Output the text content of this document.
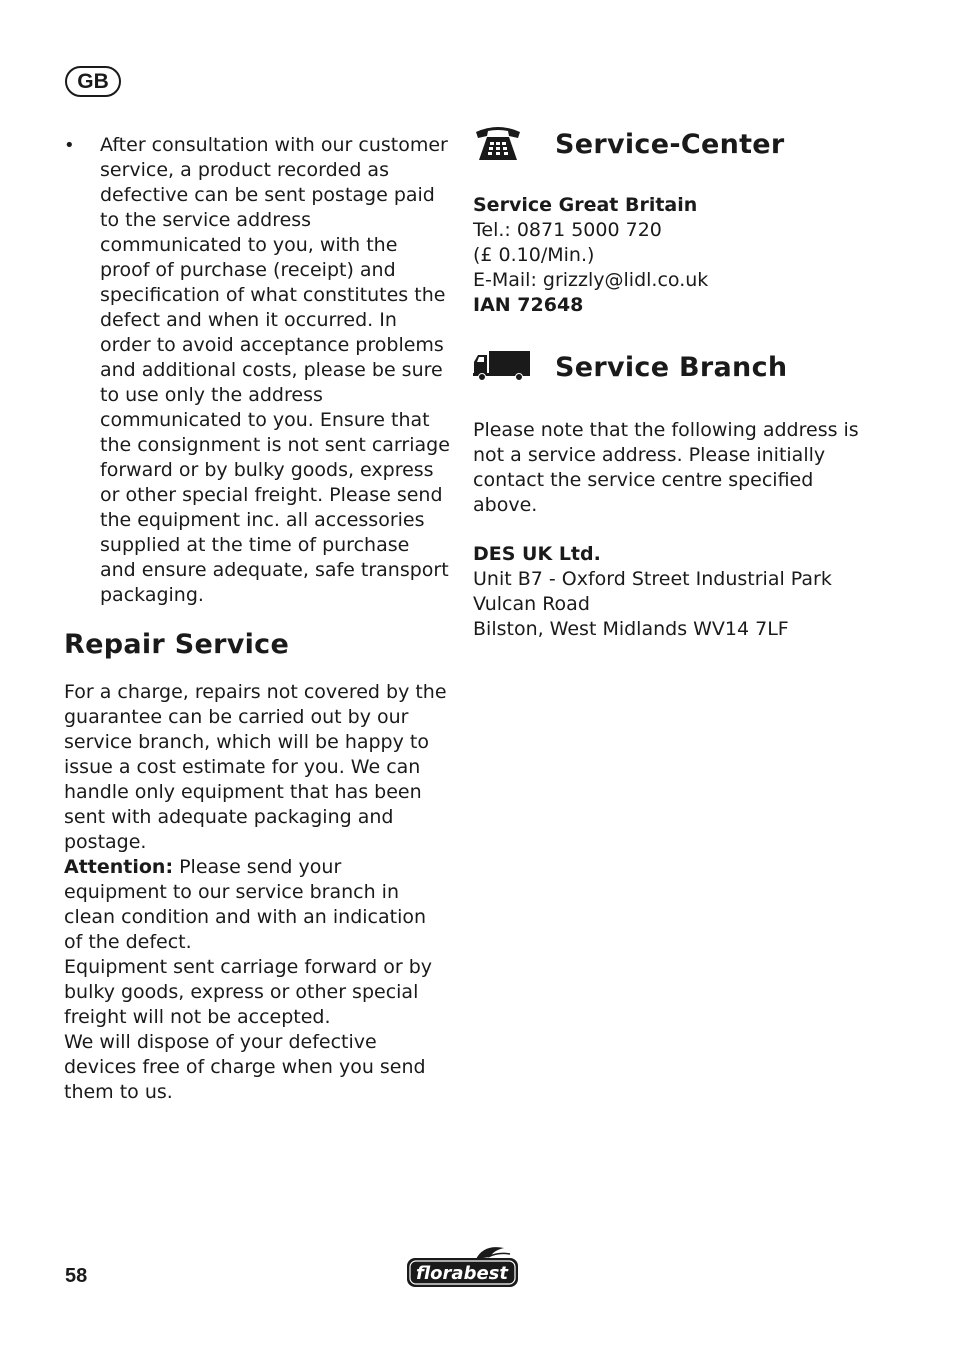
GB
•	After consultation with our customer service, a product recorded as defective can be sent postage paid to the service address communicated to you, with the proof of purchase (receipt) and specification of what constitutes the defect and when it occurred. In order to avoid acceptance problems and additional costs, please be sure to use only the address communicated to you. Ensure that the consignment is not sent carriage forward or by bulky goods, express or other special freight. Please send the equipment inc. all accessories supplied at the time of purchase and ensure adequate, safe transport packaging.
Repair Service
For a charge, repairs not covered by the guarantee can be carried out by our service branch, which will be happy to issue a cost estimate for you. We can handle only equipment that has been sent with adequate packaging and postage.
Attention: Please send your equipment to our service branch in clean condition and with an indication of the defect.
Equipment sent carriage forward or by bulky goods, express or other special freight will not be accepted.
We will dispose of your defective devices free of charge when you send them to us.
Service-Center
Service Great Britain
Tel.: 0871 5000 720
(£ 0.10/Min.)
E-Mail: grizzly@lidl.co.uk
IAN 72648
Service Branch
Please note that the following address is not a service address. Please initially contact the service centre specified above.
DES UK Ltd.
Unit B7 - Oxford Street Industrial Park
Vulcan Road
Bilston, West Midlands WV14 7LF
58	florabest
